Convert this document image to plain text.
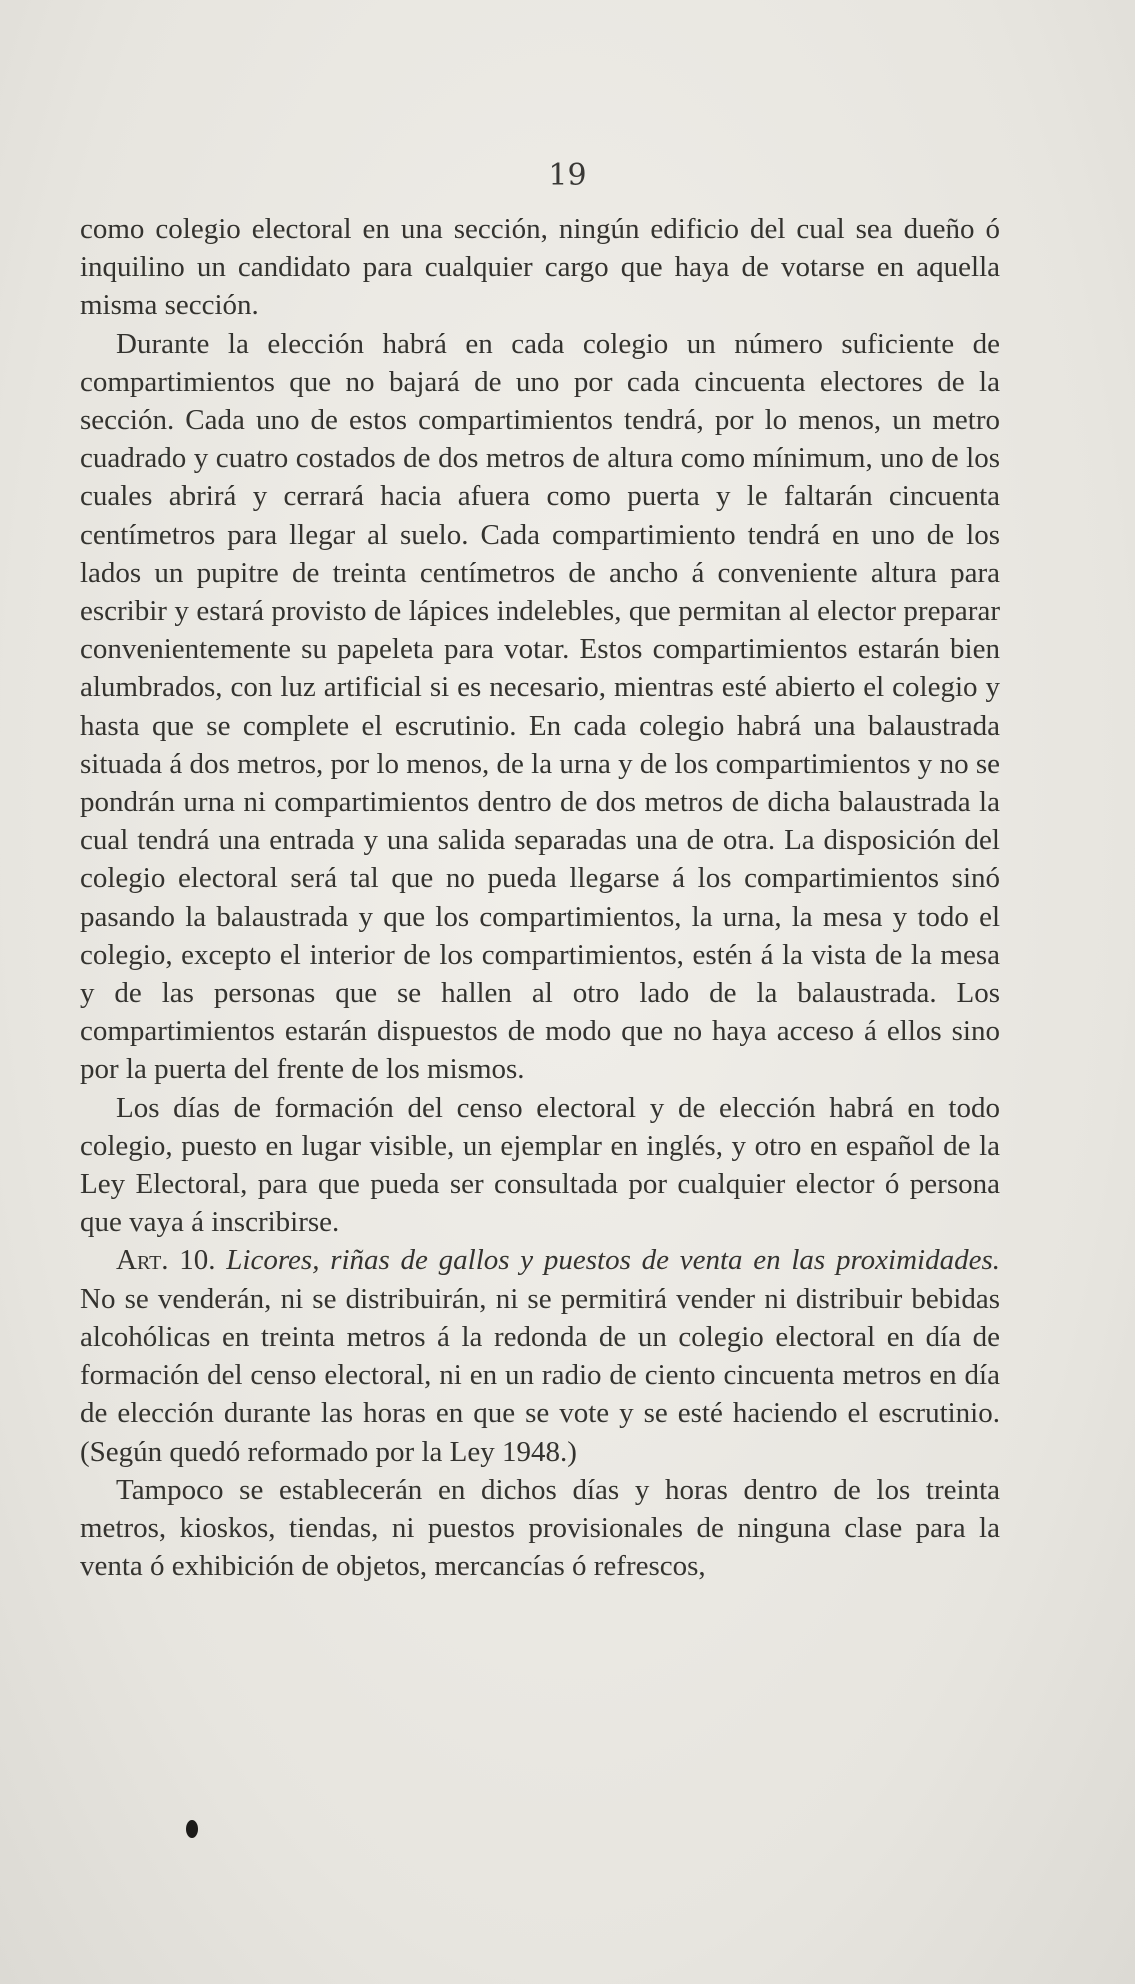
19

como colegio electoral en una sección, ningún edificio del cual sea dueño ó inquilino un candidato para cualquier cargo que haya de votarse en aquella misma sección.

Durante la elección habrá en cada colegio un número suficiente de compartimientos que no bajará de uno por cada cincuenta electores de la sección. Cada uno de estos compartimientos tendrá, por lo menos, un metro cuadrado y cuatro costados de dos metros de altura como mínimum, uno de los cuales abrirá y cerrará hacia afuera como puerta y le faltarán cincuenta centímetros para llegar al suelo. Cada compartimiento tendrá en uno de los lados un pupitre de treinta centímetros de ancho á conveniente altura para escribir y estará provisto de lápices indelebles, que permitan al elector preparar convenientemente su papeleta para votar. Estos compartimientos estarán bien alumbrados, con luz artificial si es necesario, mientras esté abierto el colegio y hasta que se complete el escrutinio. En cada colegio habrá una balaustrada situada á dos metros, por lo menos, de la urna y de los compartimientos y no se pondrán urna ni compartimientos dentro de dos metros de dicha balaustrada la cual tendrá una entrada y una salida separadas una de otra. La disposición del colegio electoral será tal que no pueda llegarse á los compartimientos sinó pasando la balaustrada y que los compartimientos, la urna, la mesa y todo el colegio, excepto el interior de los compartimientos, estén á la vista de la mesa y de las personas que se hallen al otro lado de la balaustrada. Los compartimientos estarán dispuestos de modo que no haya acceso á ellos sino por la puerta del frente de los mismos.

Los días de formación del censo electoral y de elección habrá en todo colegio, puesto en lugar visible, un ejemplar en inglés, y otro en español de la Ley Electoral, para que pueda ser consultada por cualquier elector ó persona que vaya á inscribirse.

Art. 10. Licores, riñas de gallos y puestos de venta en las proximidades. No se venderán, ni se distribuirán, ni se permitirá vender ni distribuir bebidas alcohólicas en treinta metros á la redonda de un colegio electoral en día de formación del censo electoral, ni en un radio de ciento cincuenta metros en día de elección durante las horas en que se vote y se esté haciendo el escrutinio. (Según quedó reformado por la Ley 1948.)

Tampoco se establecerán en dichos días y horas dentro de los treinta metros, kioskos, tiendas, ni puestos provisionales de ninguna clase para la venta ó exhibición de objetos, mercancías ó refrescos,
